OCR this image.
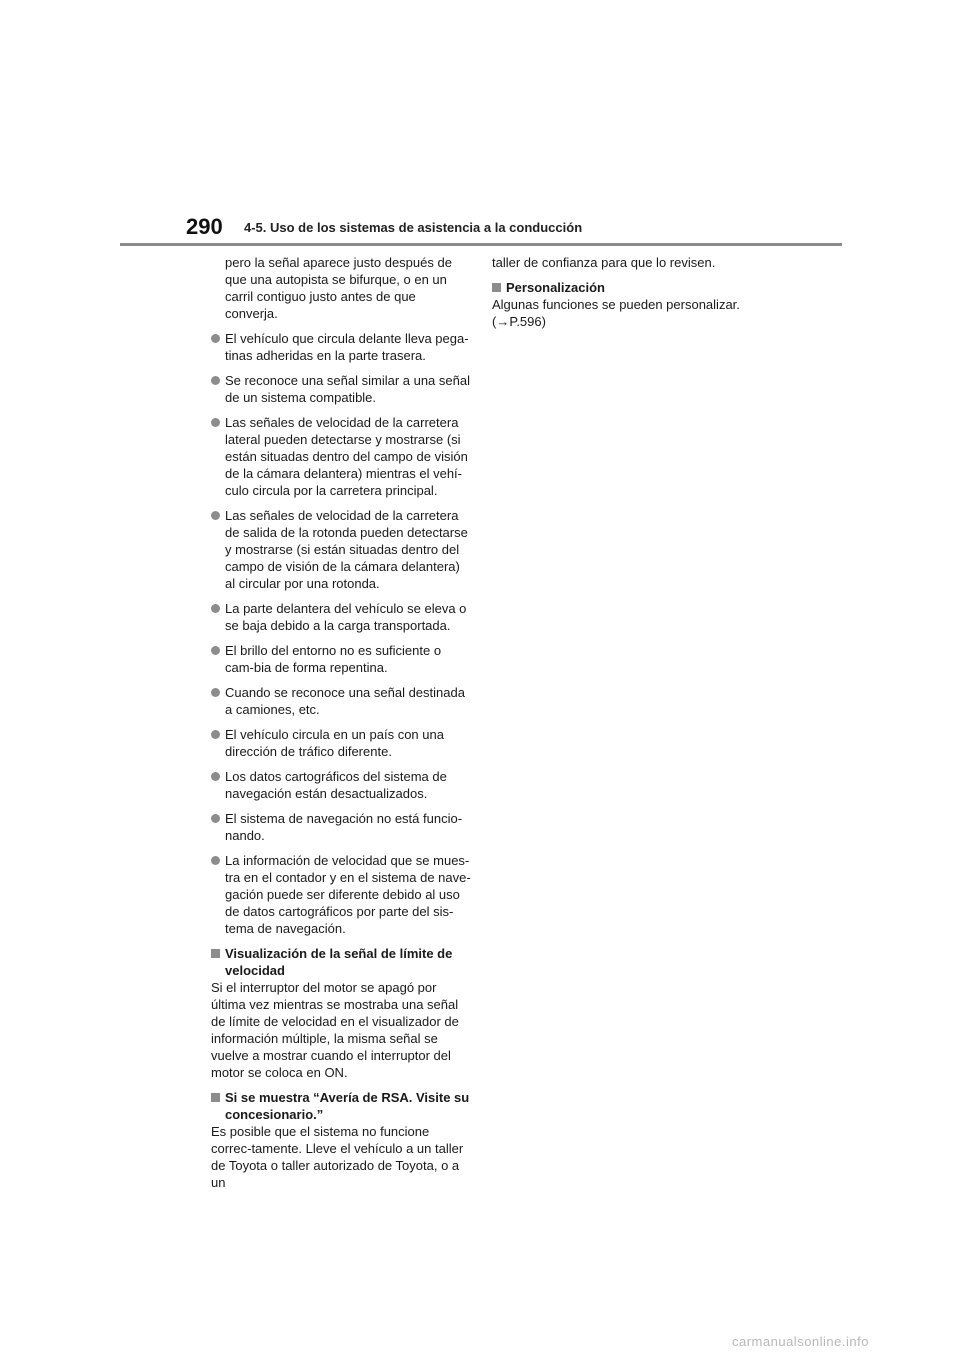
290 4-5. Uso de los sistemas de asistencia a la conducción

pero la señal aparece justo después de que una autopista se bifurque, o en un carril contiguo justo antes de que converja.

El vehículo que circula delante lleva pega-tinas adheridas en la parte trasera.
Se reconoce una señal similar a una señal de un sistema compatible.
Las señales de velocidad de la carretera lateral pueden detectarse y mostrarse (si están situadas dentro del campo de visión de la cámara delantera) mientras el vehí-culo circula por la carretera principal.
Las señales de velocidad de la carretera de salida de la rotonda pueden detectarse y mostrarse (si están situadas dentro del campo de visión de la cámara delantera) al circular por una rotonda.
La parte delantera del vehículo se eleva o se baja debido a la carga transportada.
El brillo del entorno no es suficiente o cam-bia de forma repentina.
Cuando se reconoce una señal destinada a camiones, etc.
El vehículo circula en un país con una dirección de tráfico diferente.
Los datos cartográficos del sistema de navegación están desactualizados.
El sistema de navegación no está funcio-nando.
La información de velocidad que se mues-tra en el contador y en el sistema de nave-gación puede ser diferente debido al uso de datos cartográficos por parte del sis-tema de navegación.
Visualización de la señal de límite de velocidad

Si el interruptor del motor se apagó por última vez mientras se mostraba una señal de límite de velocidad en el visualizador de información múltiple, la misma señal se vuelve a mostrar cuando el interruptor del motor se coloca en ON.

Si se muestra “Avería de RSA. Visite su concesionario.”

Es posible que el sistema no funcione correc-tamente. Lleve el vehículo a un taller de Toyota o taller autorizado de Toyota, o a un

taller de confianza para que lo revisen.

Personalización

Algunas funciones se pueden personalizar.

(→P.596)

carmanualsonline.info
